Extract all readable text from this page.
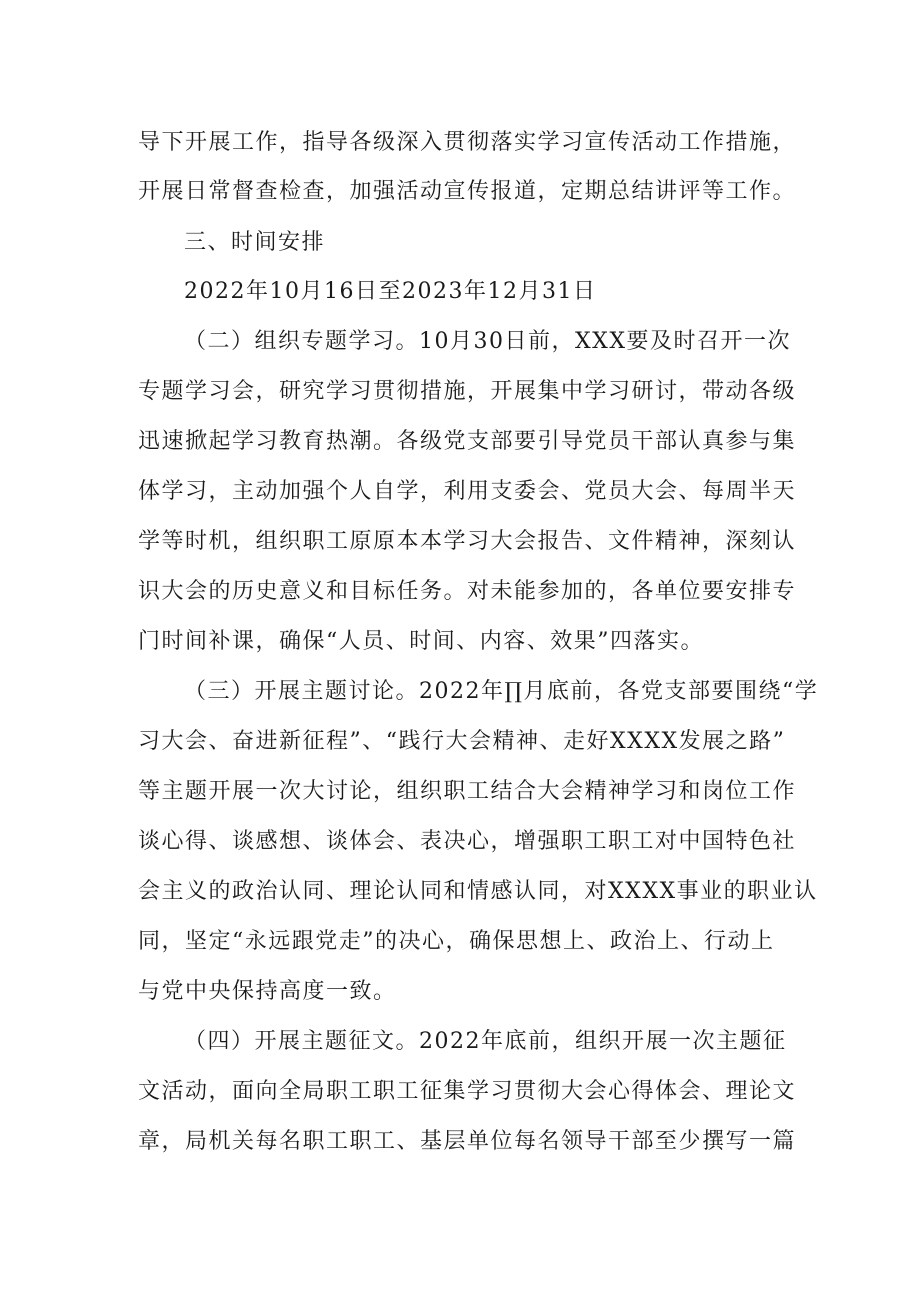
导下开展工作，指导各级深入贯彻落实学习宣传活动工作措施，
开展日常督查检查，加强活动宣传报道，定期总结讲评等工作。
三、时间安排
2022年10月16日至2023年12月31日
（二）组织专题学习。10月30日前，XXX要及时召开一次
专题学习会，研究学习贯彻措施，开展集中学习研讨，带动各级
迅速掀起学习教育热潮。各级党支部要引导党员干部认真参与集
体学习，主动加强个人自学，利用支委会、党员大会、每周半天
学等时机，组织职工原原本本学习大会报告、文件精神，深刻认
识大会的历史意义和目标任务。对未能参加的，各单位要安排专
门时间补课，确保“人员、时间、内容、效果”四落实。
（三）开展主题讨论。2022年∏月底前，各党支部要围绕“学
习大会、奋进新征程”、“践行大会精神、走好XXXX发展之路”
等主题开展一次大讨论，组织职工结合大会精神学习和岗位工作
谈心得、谈感想、谈体会、表决心，增强职工职工对中国特色社
会主义的政治认同、理论认同和情感认同，对XXXX事业的职业认
同，坚定“永远跟党走”的决心，确保思想上、政治上、行动上
与党中央保持高度一致。
（四）开展主题征文。2022年底前，组织开展一次主题征
文活动，面向全局职工职工征集学习贯彻大会心得体会、理论文
章，局机关每名职工职工、基层单位每名领导干部至少撰写一篇
